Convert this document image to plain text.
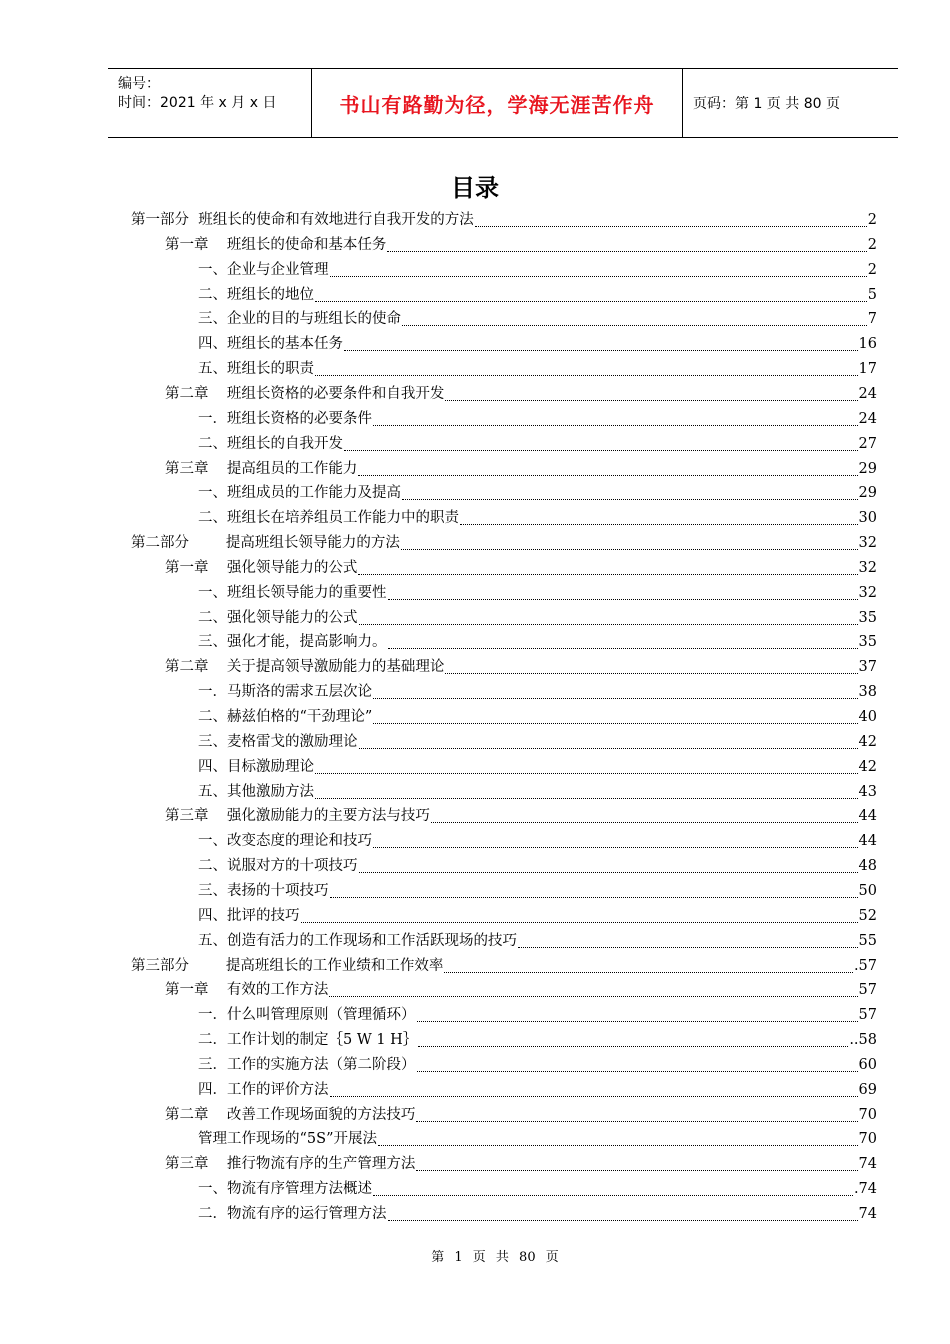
编号：
时间：2021 年 x 月 x 日	书山有路勤为径，学海无涯苦作舟	页码：第 1 页 共 80 页
目录
第一部分  班组长的使命和有效地进行自我开发的方法	2
第一章    班组长的使命和基本任务	2
一、企业与企业管理	2
二、班组长的地位	5
三、企业的目的与班组长的使命	7
四、班组长的基本任务	16
五、班组长的职责	17
第二章    班组长资格的必要条件和自我开发	24
一．班组长资格的必要条件	24
二、班组长的自我开发	27
第三章    提高组员的工作能力	29
一、班组成员的工作能力及提高	29
二、班组长在培养组员工作能力中的职责	30
第二部分        提高班组长领导能力的方法	32
第一章    强化领导能力的公式	32
一、班组长领导能力的重要性	32
二、强化领导能力的公式	35
三、强化才能，提高影响力。	35
第二章    关于提高领导激励能力的基础理论	37
一．马斯洛的需求五层次论	38
二、赫兹伯格的“干劲理论”	40
三、麦格雷戈的激励理论	42
四、目标激励理论	42
五、其他激励方法	43
第三章    强化激励能力的主要方法与技巧	44
一、改变态度的理论和技巧	44
二、说服对方的十项技巧	48
三、表扬的十项技巧	50
四、批评的技巧	52
五、创造有活力的工作现场和工作活跃现场的技巧	55
第三部分        提高班组长的工作业绩和工作效率	.57
第一章    有效的工作方法	57
一．什么叫管理原则（管理循环）	57
二．工作计划的制定｛5 W 1 H｝	..58
三．工作的实施方法（第二阶段）	60
四．工作的评价方法	69
第二章    改善工作现场面貌的方法技巧	70
管理工作现场的“5S”开展法	70
第三章    推行物流有序的生产管理方法	74
一、物流有序管理方法概述	.74
二．物流有序的运行管理方法	74
第 1 页 共 80 页
